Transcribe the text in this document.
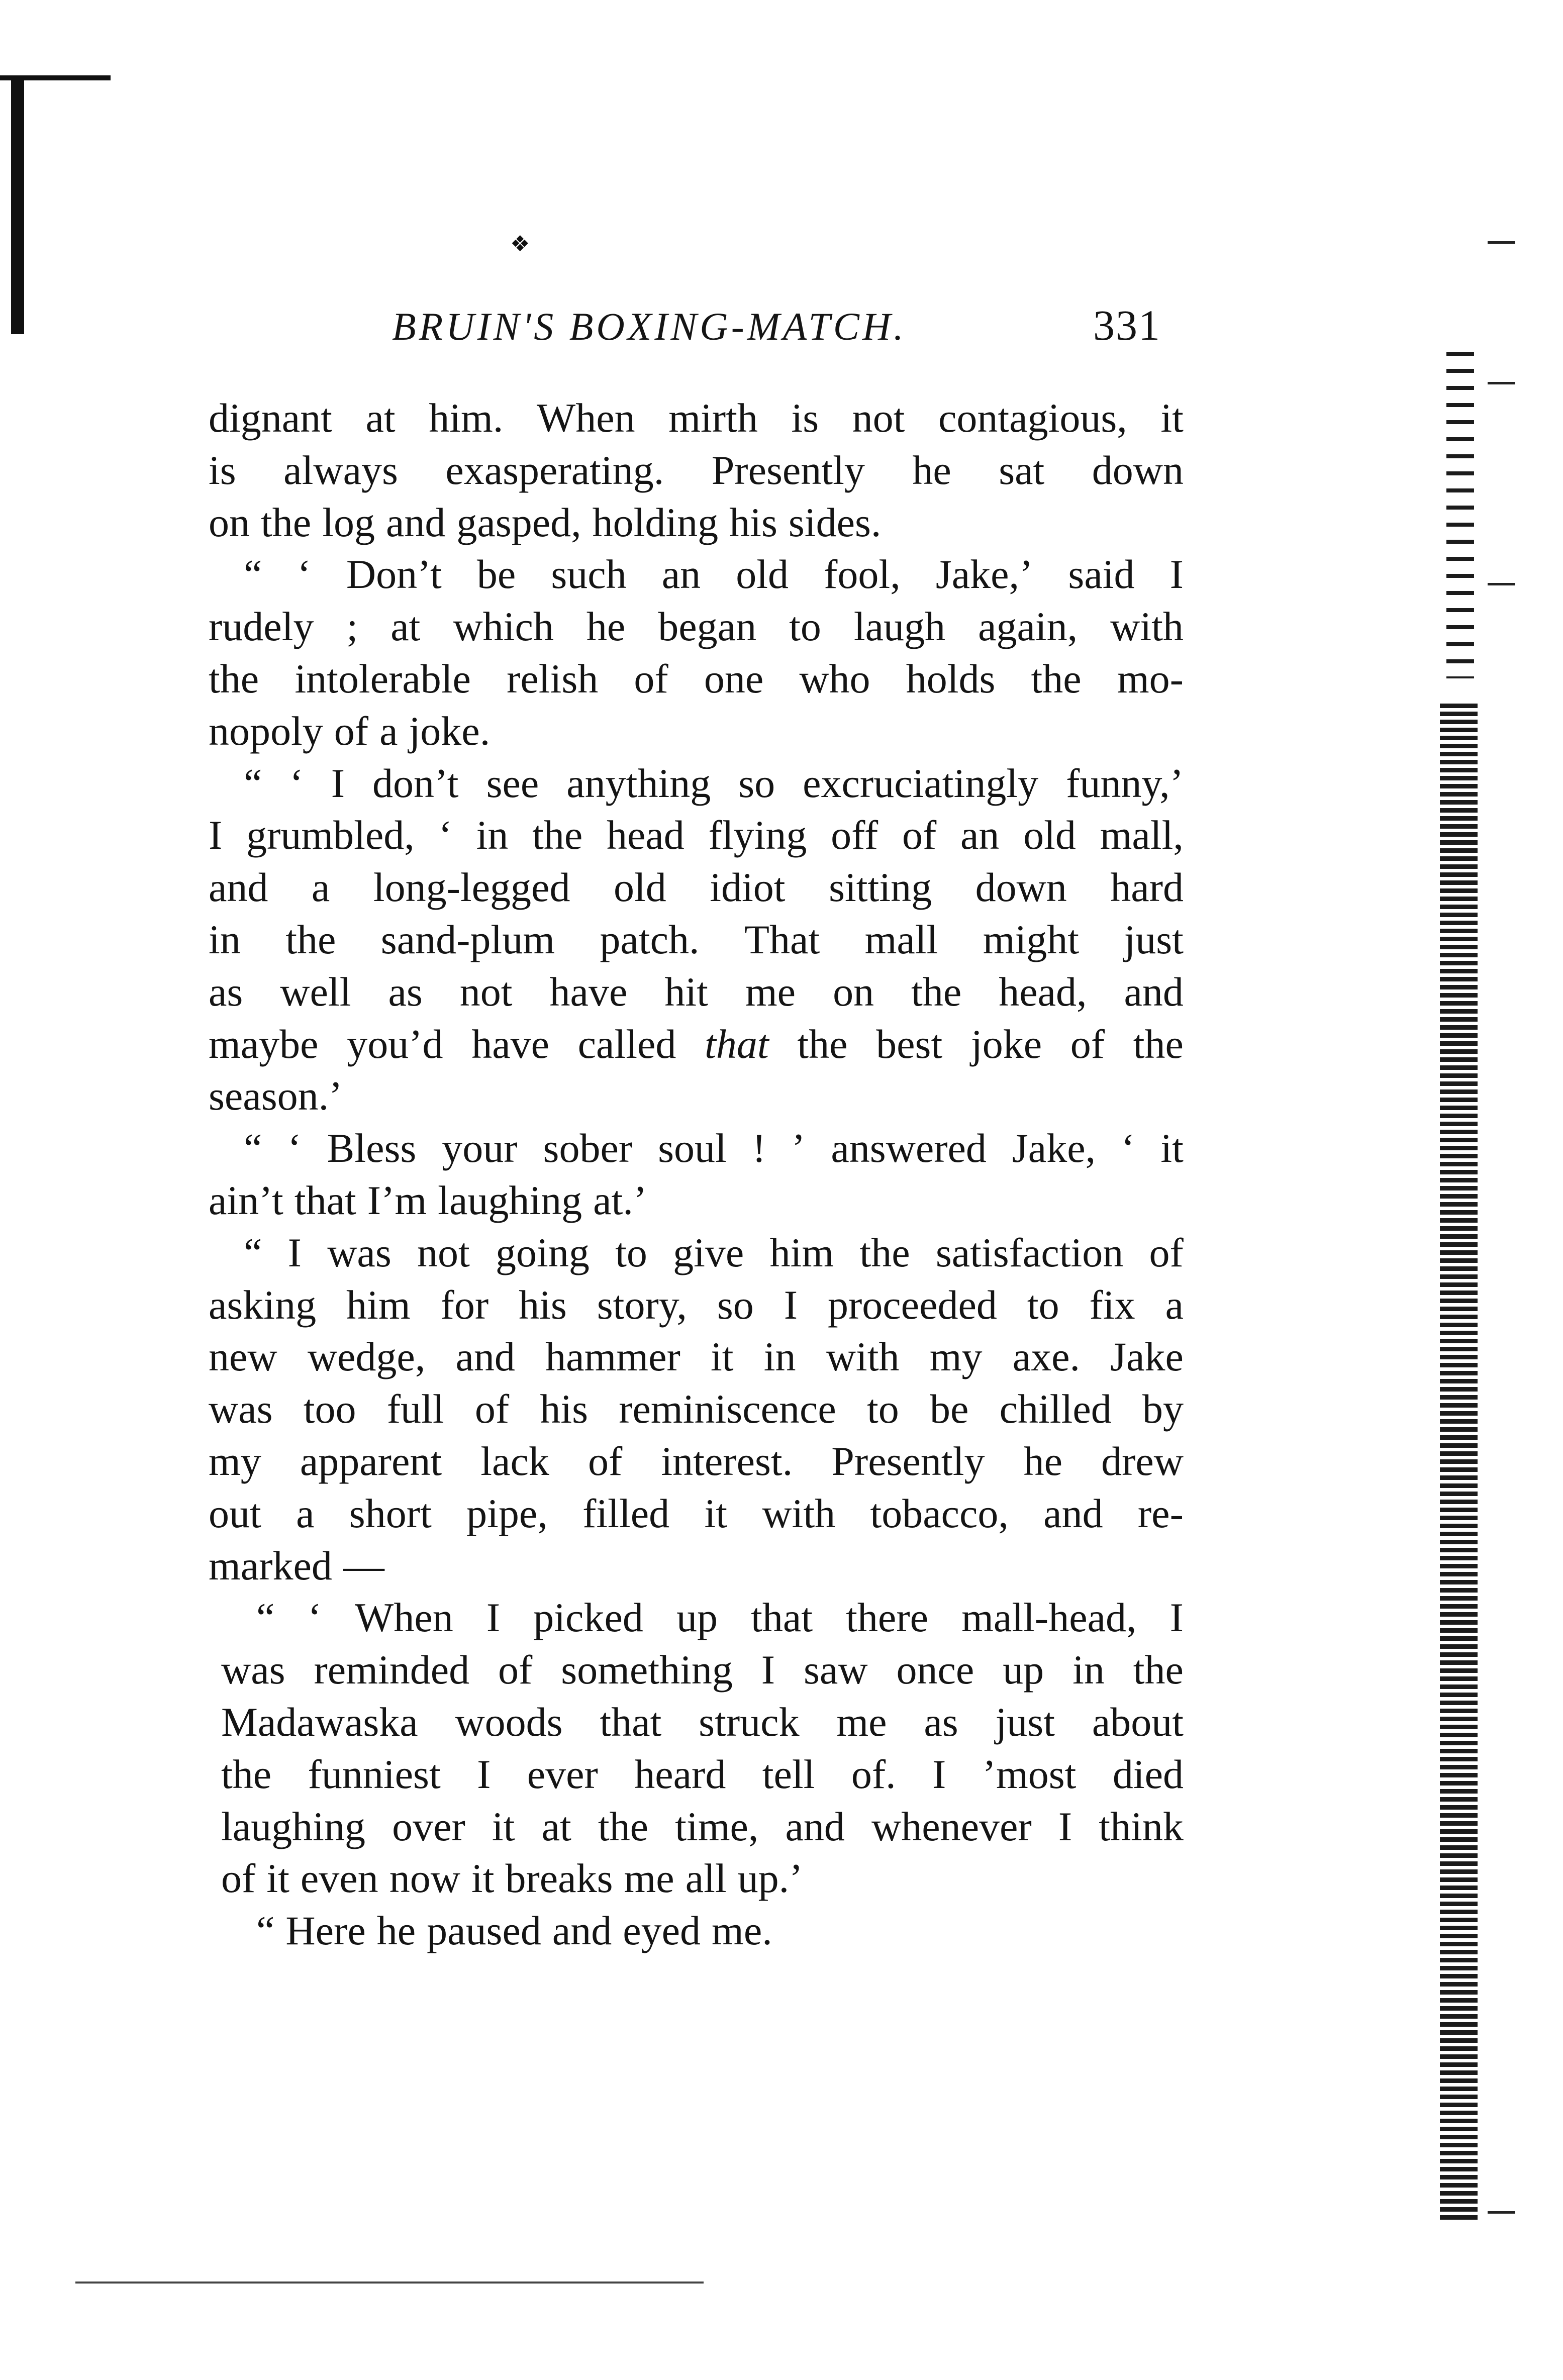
❖
BRUIN'S BOXING-MATCH.	331
dignant at him. When mirth is not contagious, it
is always exasperating. Presently he sat down
on the log and gasped, holding his sides.
“ ‘ Don’t be such an old fool, Jake,’ said I
rudely ; at which he began to laugh again, with
the intolerable relish of one who holds the mo-
nopoly of a joke.
“ ‘ I don’t see anything so excruciatingly funny,’
I grumbled, ‘ in the head flying off of an old mall,
and a long-legged old idiot sitting down hard
in the sand-plum patch. That mall might just
as well as not have hit me on the head, and
maybe you’d have called that the best joke of the
season.’
“ ‘ Bless your sober soul ! ’ answered Jake, ‘ it
ain’t that I’m laughing at.’
“ I was not going to give him the satisfaction of
asking him for his story, so I proceeded to fix a
new wedge, and hammer it in with my axe. Jake
was too full of his reminiscence to be chilled by
my apparent lack of interest. Presently he drew
out a short pipe, filled it with tobacco, and re-
marked —
“ ‘ When I picked up that there mall-head, I
was reminded of something I saw once up in the
Madawaska woods that struck me as just about
the funniest I ever heard tell of. I ’most died
laughing over it at the time, and whenever I think
of it even now it breaks me all up.’
“ Here he paused and eyed me.
